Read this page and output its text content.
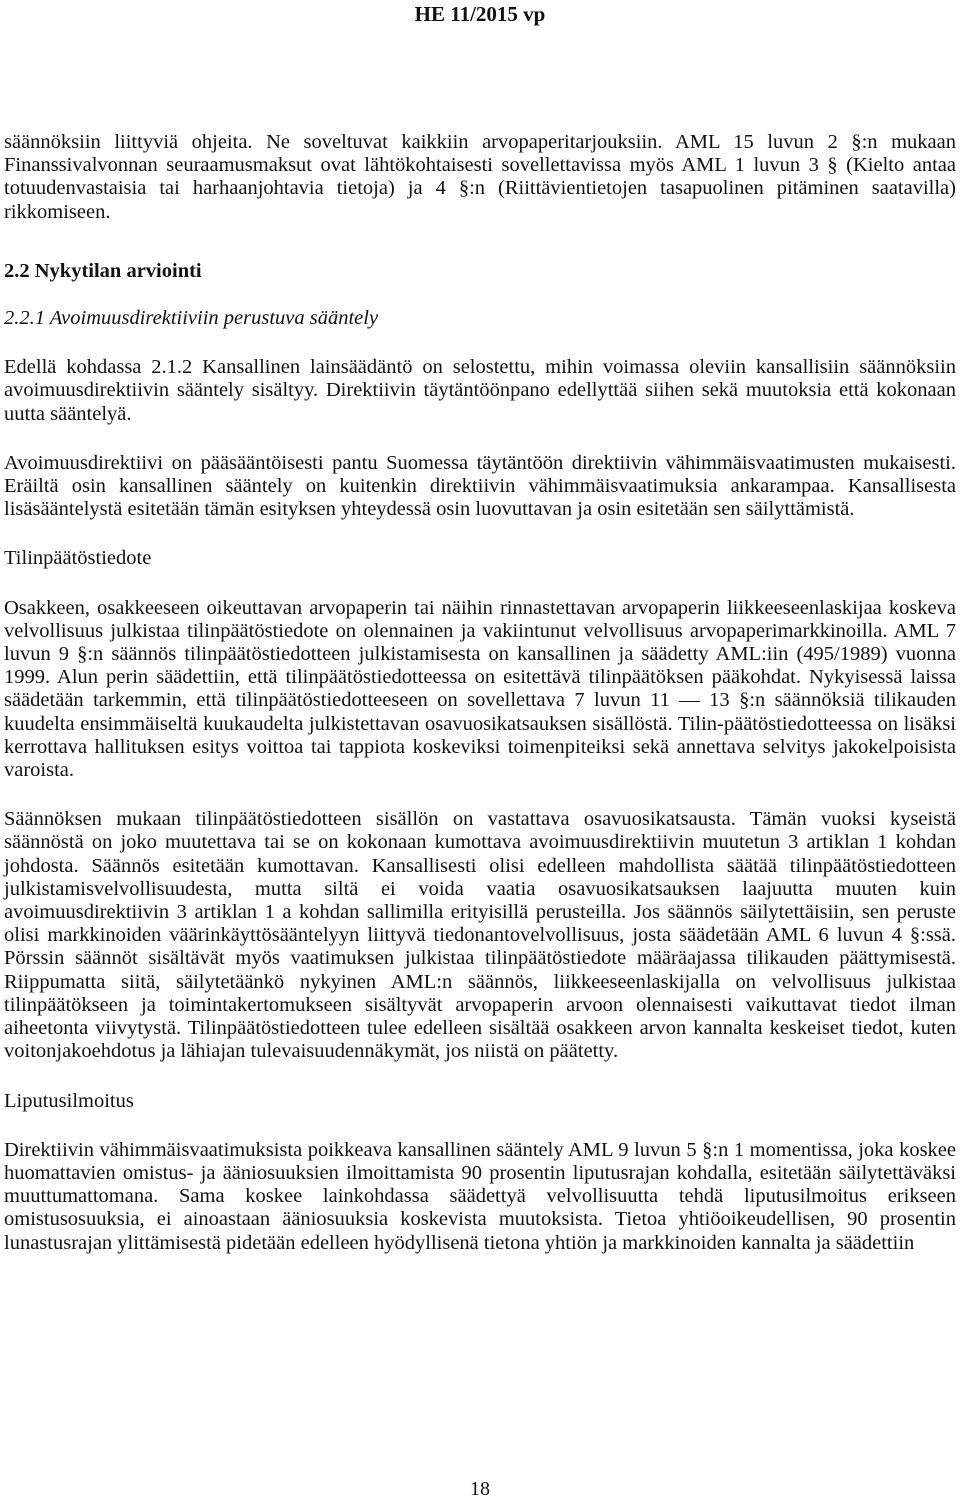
HE 11/2015 vp

säännöksiin liittyviä ohjeita. Ne soveltuvat kaikkiin arvopaperitarjouksiin. AML 15 luvun 2 §:n mukaan Finanssivalvonnan seuraamusmaksut ovat lähtökohtaisesti sovellettavissa myös AML 1 luvun 3 § (Kielto antaa totuudenvastaisia tai harhaanjohtavia tietoja) ja 4 §:n (Riittävientietojen tasapuolinen pitäminen saatavilla) rikkomiseen.

2.2 Nykytilan arviointi

2.2.1 Avoimuusdirektiiviin perustuva sääntely

Edellä kohdassa 2.1.2 Kansallinen lainsäädäntö on selostettu, mihin voimassa oleviin kansallisiin säännöksiin avoimuusdirektiivin sääntely sisältyy. Direktiivin täytäntöönpano edellyttää siihen sekä muutoksia että kokonaan uutta sääntelyä.

Avoimuusdirektiivi on pääsääntöisesti pantu Suomessa täytäntöön direktiivin vähimmäisvaatimusten mukaisesti. Eräiltä osin kansallinen sääntely on kuitenkin direktiivin vähimmäisvaatimuksia ankarampaa. Kansallisesta lisäsääntelystä esitetään tämän esityksen yhteydessä osin luovuttavan ja osin esitetään sen säilyttämistä.

Tilinpäätöstiedote

Osakkeen, osakkeeseen oikeuttavan arvopaperin tai näihin rinnastettavan arvopaperin liikkeeseenlaskijaa koskeva velvollisuus julkistaa tilinpäätöstiedote on olennainen ja vakiintunut velvollisuus arvopaperimarkkinoilla. AML 7 luvun 9 §:n säännös tilinpäätöstiedotteen julkistamisesta on kansallinen ja säädetty AML:iin (495/1989) vuonna 1999. Alun perin säädettiin, että tilinpäätöstiedotteessa on esitettävä tilinpäätöksen pääkohdat. Nykyisessä laissa säädetään tarkemmin, että tilinpäätöstiedotteeseen on sovellettava 7 luvun 11 — 13 §:n säännöksiä tilikauden kuudelta ensimmäiseltä kuukaudelta julkistettavan osavuosikatsauksen sisällöstä. Tilin-päätöstiedotteessa on lisäksi kerrottava hallituksen esitys voittoa tai tappiota koskeviksi toimenpiteiksi sekä annettava selvitys jakokelpoisista varoista.

Säännöksen mukaan tilinpäätöstiedotteen sisällön on vastattava osavuosikatsausta. Tämän vuoksi kyseistä säännöstä on joko muutettava tai se on kokonaan kumottava avoimuusdirektiivin muutetun 3 artiklan 1 kohdan johdosta. Säännös esitetään kumottavan. Kansallisesti olisi edelleen mahdollista säätää tilinpäätöstiedotteen julkistamisvelvollisuudesta, mutta siltä ei voida vaatia osavuosikatsauksen laajuutta muuten kuin avoimuusdirektiivin 3 artiklan 1 a kohdan sallimilla erityisillä perusteilla. Jos säännös säilytettäisiin, sen peruste olisi markkinoiden väärinkäyttösääntelyyn liittyvä tiedonantovelvollisuus, josta säädetään AML 6 luvun 4 §:ssä. Pörssin säännöt sisältävät myös vaatimuksen julkistaa tilinpäätöstiedote määräajassa tilikauden päättymisestä. Riippumatta siitä, säilytetäänkö nykyinen AML:n säännös, liikkeeseenlaskijalla on velvollisuus julkistaa tilinpäätökseen ja toimintakertomukseen sisältyvät arvopaperin arvoon olennaisesti vaikuttavat tiedot ilman aiheetonta viivytystä. Tilinpäätöstiedotteen tulee edelleen sisältää osakkeen arvon kannalta keskeiset tiedot, kuten voitonjakoehdotus ja lähiajan tulevaisuudennäkymät, jos niistä on päätetty.

Liputusilmoitus

Direktiivin vähimmäisvaatimuksista poikkeava kansallinen sääntely AML 9 luvun 5 §:n 1 momentissa, joka koskee huomattavien omistus- ja ääniosuuksien ilmoittamista 90 prosentin liputusrajan kohdalla, esitetään säilytettäväksi muuttumattomana. Sama koskee lainkohdassa säädettyä velvollisuutta tehdä liputusilmoitus erikseen omistusosuuksia, ei ainoastaan ääniosuuksia koskevista muutoksista. Tietoa yhtiöoikeudellisen, 90 prosentin lunastusrajan ylittämisestä pidetään edelleen hyödyllisenä tietona yhtiön ja markkinoiden kannalta ja säädettiin

18
